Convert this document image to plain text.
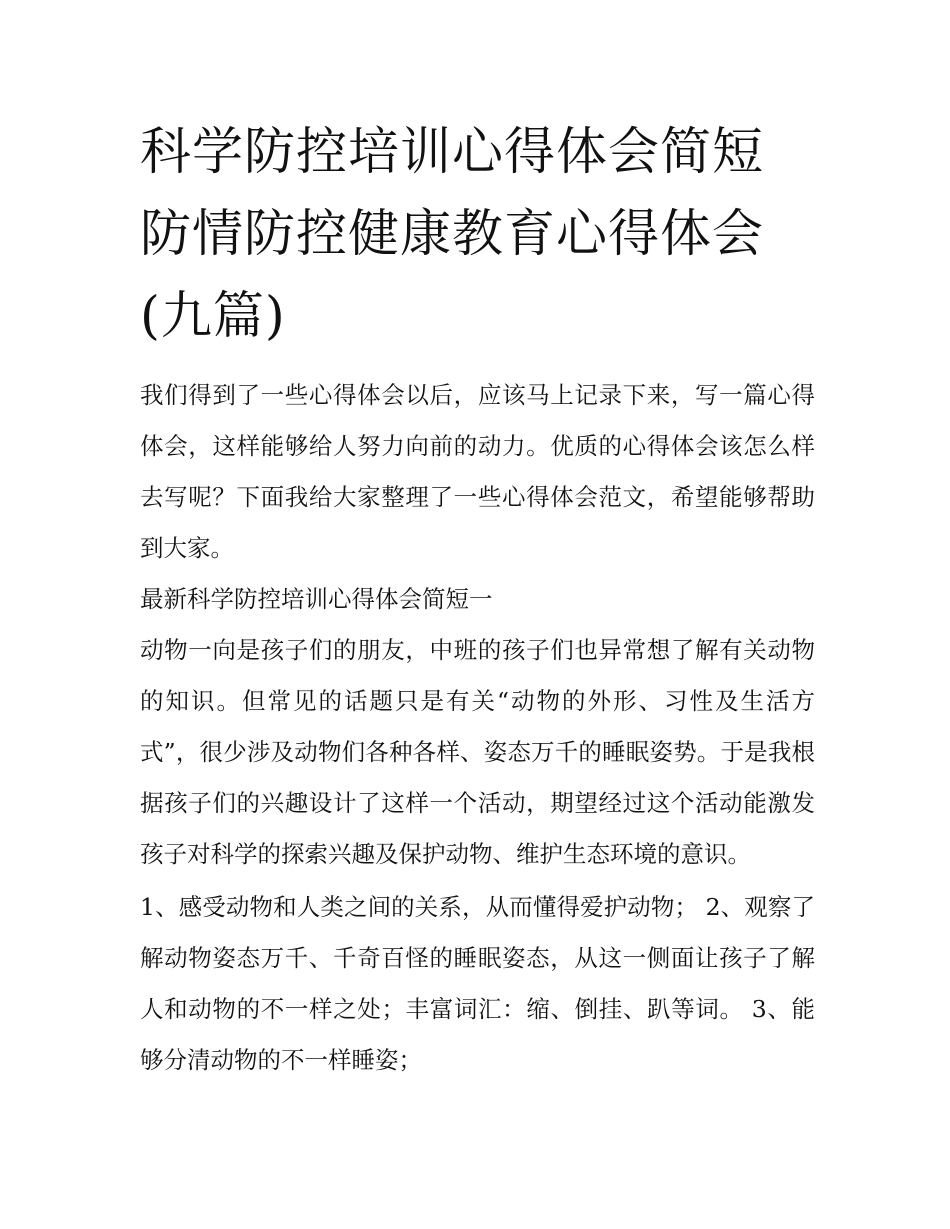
科学防控培训心得体会简短 防情防控健康教育心得体会(九篇)

我们得到了一些心得体会以后，应该马上记录下来，写一篇心得体会，这样能够给人努力向前的动力。优质的心得体会该怎么样去写呢？下面我给大家整理了一些心得体会范文，希望能够帮助到大家。

最新科学防控培训心得体会简短一

动物一向是孩子们的朋友，中班的孩子们也异常想了解有关动物的知识。但常见的话题只是有关“动物的外形、习性及生活方式”，很少涉及动物们各种各样、姿态万千的睡眠姿势。于是我根据孩子们的兴趣设计了这样一个活动，期望经过这个活动能激发孩子对科学的探索兴趣及保护动物、维护生态环境的意识。

1、感受动物和人类之间的关系，从而懂得爱护动物； 2、观察了解动物姿态万千、千奇百怪的睡眠姿态，从这一侧面让孩子了解人和动物的不一样之处；丰富词汇：缩、倒挂、趴等词。 3、能够分清动物的不一样睡姿；
